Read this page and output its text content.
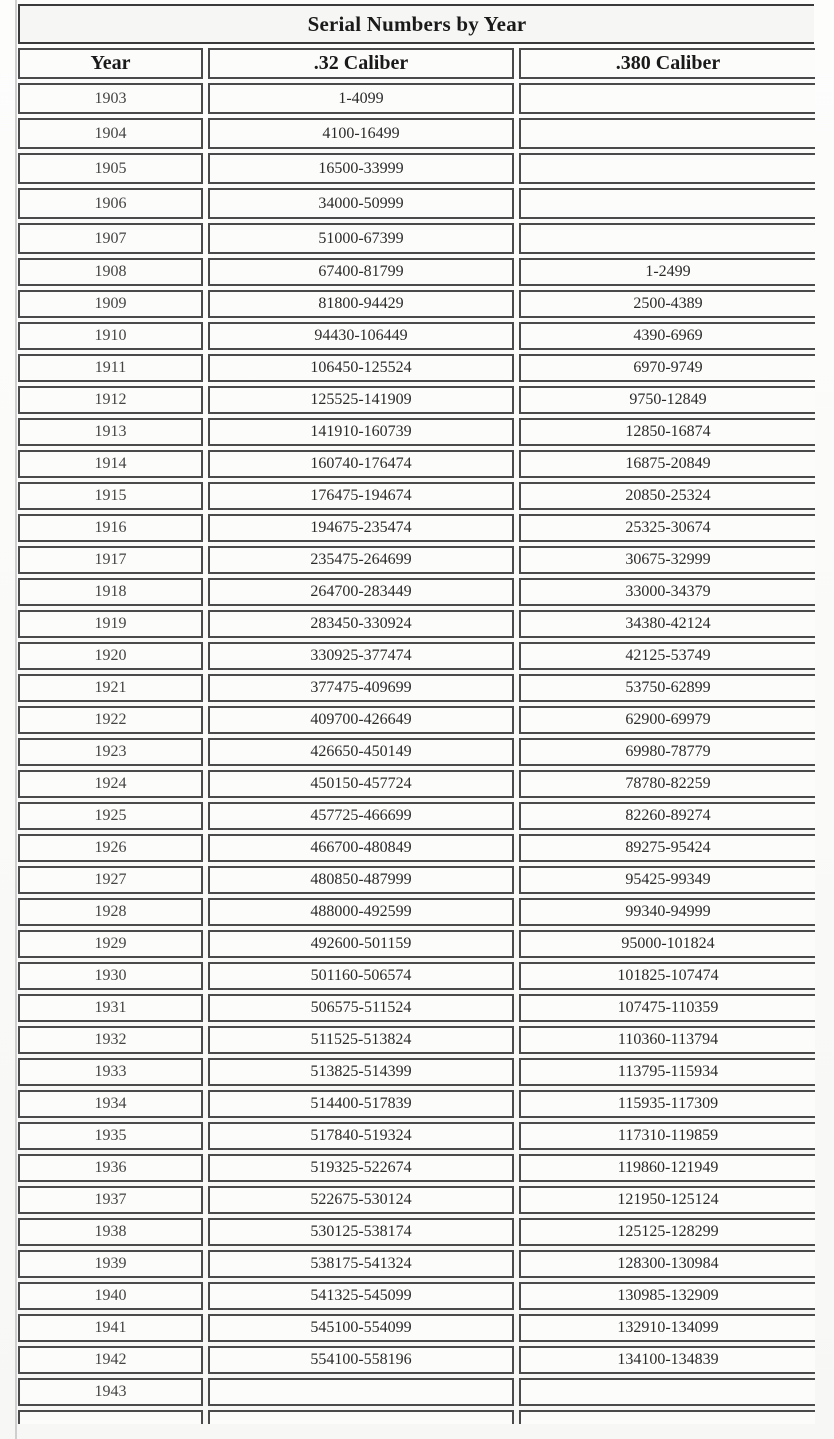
Serial Numbers by Year
Year	.32 Caliber	.380 Caliber
1903	1-4099
1904	4100-16499
1905	16500-33999
1906	34000-50999
1907	51000-67399
1908	67400-81799	1-2499
1909	81800-94429	2500-4389
1910	94430-106449	4390-6969
1911	106450-125524	6970-9749
1912	125525-141909	9750-12849
1913	141910-160739	12850-16874
1914	160740-176474	16875-20849
1915	176475-194674	20850-25324
1916	194675-235474	25325-30674
1917	235475-264699	30675-32999
1918	264700-283449	33000-34379
1919	283450-330924	34380-42124
1920	330925-377474	42125-53749
1921	377475-409699	53750-62899
1922	409700-426649	62900-69979
1923	426650-450149	69980-78779
1924	450150-457724	78780-82259
1925	457725-466699	82260-89274
1926	466700-480849	89275-95424
1927	480850-487999	95425-99349
1928	488000-492599	99340-94999
1929	492600-501159	95000-101824
1930	501160-506574	101825-107474
1931	506575-511524	107475-110359
1932	511525-513824	110360-113794
1933	513825-514399	113795-115934
1934	514400-517839	115935-117309
1935	517840-519324	117310-119859
1936	519325-522674	119860-121949
1937	522675-530124	121950-125124
1938	530125-538174	125125-128299
1939	538175-541324	128300-130984
1940	541325-545099	130985-132909
1941	545100-554099	132910-134099
1942	554100-558196	134100-134839
1943
